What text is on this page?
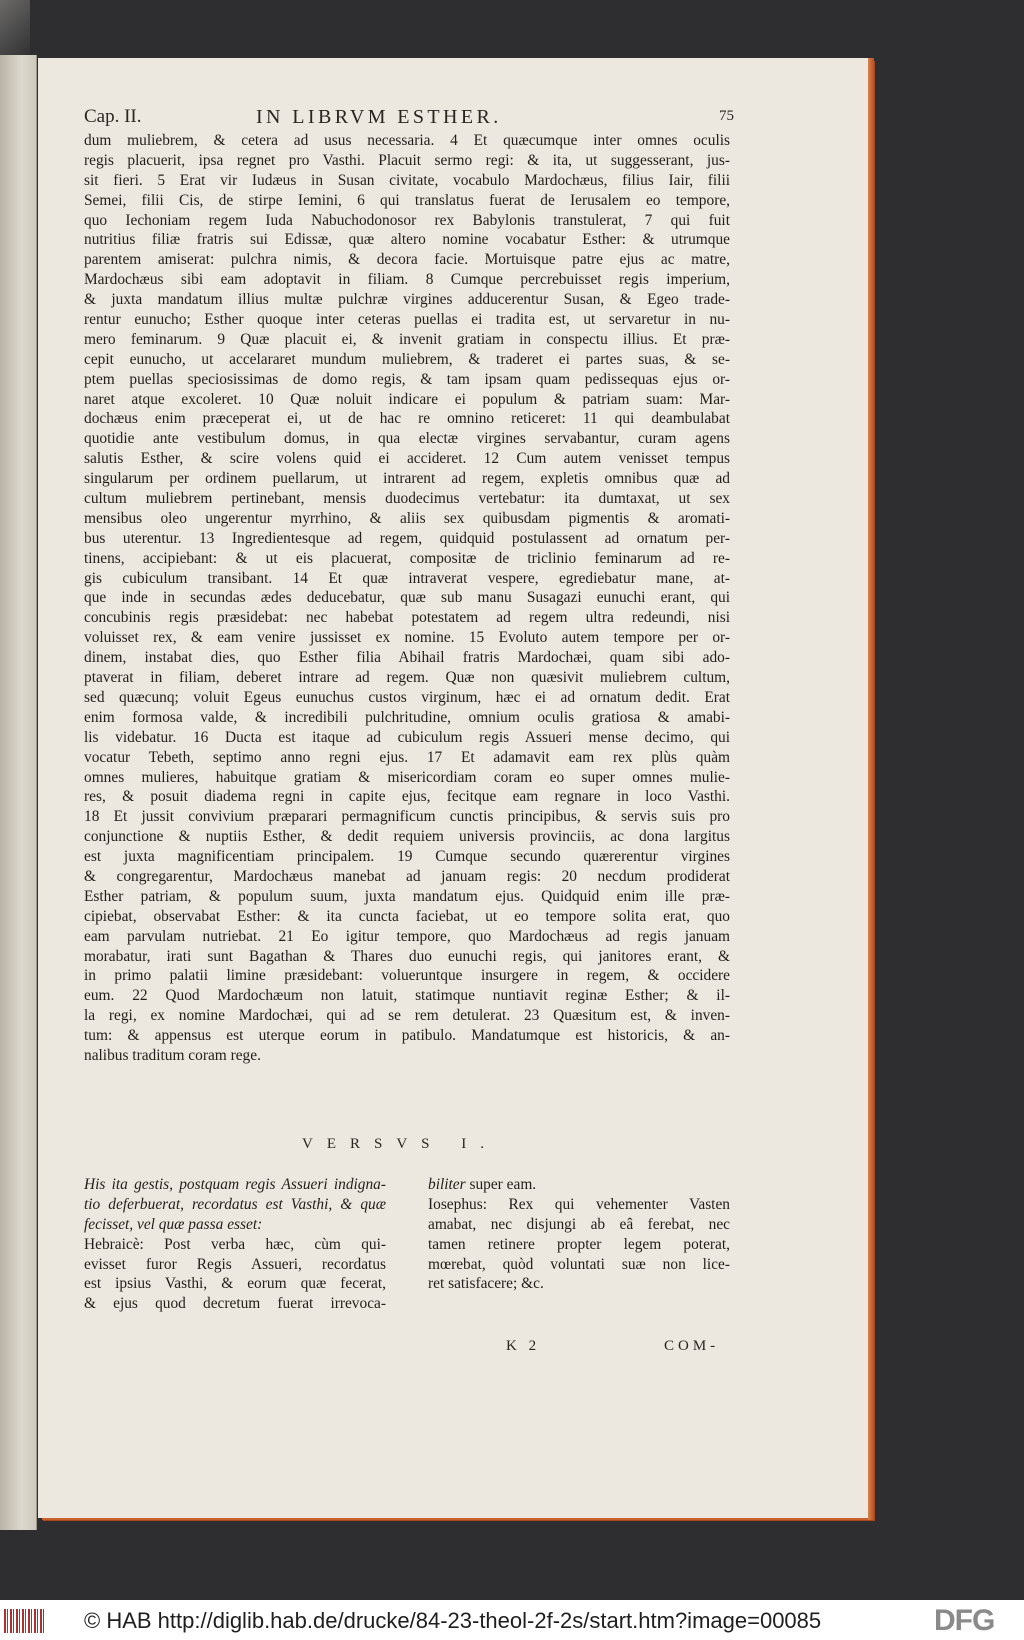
Cap. II.	IN LIBRVM ESTHER.	75
dum muliebrem, & cetera ad usus necessaria. 4 Et quæcumque inter omnes oculis
regis placuerit, ipsa regnet pro Vasthi. Placuit sermo regi: & ita, ut suggesserant, jus-
sit fieri. 5 Erat vir Iudæus in Susan civitate, vocabulo Mardochæus, filius Iair, filii
Semei, filii Cis, de stirpe Iemini, 6 qui translatus fuerat de Ierusalem eo tempore,
quo Iechoniam regem Iuda Nabuchodonosor rex Babylonis transtulerat, 7 qui fuit
nutritius filiæ fratris sui Edissæ, quæ altero nomine vocabatur Esther: & utrumque
parentem amiserat: pulchra nimis, & decora facie. Mortuisque patre ejus ac matre,
Mardochæus sibi eam adoptavit in filiam. 8 Cumque percrebuisset regis imperium,
& juxta mandatum illius multæ pulchræ virgines adducerentur Susan, & Egeo trade-
rentur eunucho; Esther quoque inter ceteras puellas ei tradita est, ut servaretur in nu-
mero feminarum. 9 Quæ placuit ei, & invenit gratiam in conspectu illius. Et præ-
cepit eunucho, ut accelararet mundum muliebrem, & traderet ei partes suas, & se-
ptem puellas speciosissimas de domo regis, & tam ipsam quam pedissequas ejus or-
naret atque excoleret. 10 Quæ noluit indicare ei populum & patriam suam: Mar-
dochæus enim præceperat ei, ut de hac re omnino reticeret: 11 qui deambulabat
quotidie ante vestibulum domus, in qua electæ virgines servabantur, curam agens
salutis Esther, & scire volens quid ei accideret. 12 Cum autem venisset tempus
singularum per ordinem puellarum, ut intrarent ad regem, expletis omnibus quæ ad
cultum muliebrem pertinebant, mensis duodecimus vertebatur: ita dumtaxat, ut sex
mensibus oleo ungerentur myrrhino, & aliis sex quibusdam pigmentis & aromati-
bus uterentur. 13 Ingredientesque ad regem, quidquid postulassent ad ornatum per-
tinens, accipiebant: & ut eis placuerat, compositæ de triclinio feminarum ad re-
gis cubiculum transibant. 14 Et quæ intraverat vespere, egrediebatur mane, at-
que inde in secundas ædes deducebatur, quæ sub manu Susagazi eunuchi erant, qui
concubinis regis præsidebat: nec habebat potestatem ad regem ultra redeundi, nisi
voluisset rex, & eam venire jussisset ex nomine. 15 Evoluto autem tempore per or-
dinem, instabat dies, quo Esther filia Abihail fratris Mardochæi, quam sibi ado-
ptaverat in filiam, deberet intrare ad regem. Quæ non quæsivit muliebrem cultum,
sed quæcunq; voluit Egeus eunuchus custos virginum, hæc ei ad ornatum dedit. Erat
enim formosa valde, & incredibili pulchritudine, omnium oculis gratiosa & amabi-
lis videbatur. 16 Ducta est itaque ad cubiculum regis Assueri mense decimo, qui
vocatur Tebeth, septimo anno regni ejus. 17 Et adamavit eam rex plùs quàm
omnes mulieres, habuitque gratiam & misericordiam coram eo super omnes mulie-
res, & posuit diadema regni in capite ejus, fecitque eam regnare in loco Vasthi.
18 Et jussit convivium præparari permagnificum cunctis principibus, & servis suis pro
conjunctione & nuptiis Esther, & dedit requiem universis provinciis, ac dona largitus
est juxta magnificentiam principalem. 19 Cumque secundo quærerentur virgines
& congregarentur, Mardochæus manebat ad januam regis: 20 necdum prodiderat
Esther patriam, & populum suum, juxta mandatum ejus. Quidquid enim ille præ-
cipiebat, observabat Esther: & ita cuncta faciebat, ut eo tempore solita erat, quo
eam parvulam nutriebat. 21 Eo igitur tempore, quo Mardochæus ad regis januam
morabatur, irati sunt Bagathan & Thares duo eunuchi regis, qui janitores erant, &
in primo palatii limine præsidebant: volueruntque insurgere in regem, & occidere
eum. 22 Quod Mardochæum non latuit, statimque nuntiavit reginæ Esther; & il-
la regi, ex nomine Mardochæi, qui ad se rem detulerat. 23 Quæsitum est, & inven-
tum: & appensus est uterque eorum in patibulo. Mandatumque est historicis, & an-
nalibus traditum coram rege.
VERSVS I.
His ita gestis, postquam regis Assueri indigna-
tio deferbuerat, recordatus est Vasthi, & quæ
fecisset, vel quæ passa esset:
Hebraicè: Post verba hæc, cùm qui-
evisset furor Regis Assueri, recordatus
est ipsius Vasthi, & eorum quæ fecerat,
& ejus quod decretum fuerat irrevoca-
biliter super eam.
Iosephus: Rex qui vehementer Vasten
amabat, nec disjungi ab eâ ferebat, nec
tamen retinere propter legem poterat,
mœrebat, quòd voluntati suæ non lice-
ret satisfacere; &c.
K 2	COM-
© HAB http://diglib.hab.de/drucke/84-23-theol-2f-2s/start.htm?image=00085	DFG
